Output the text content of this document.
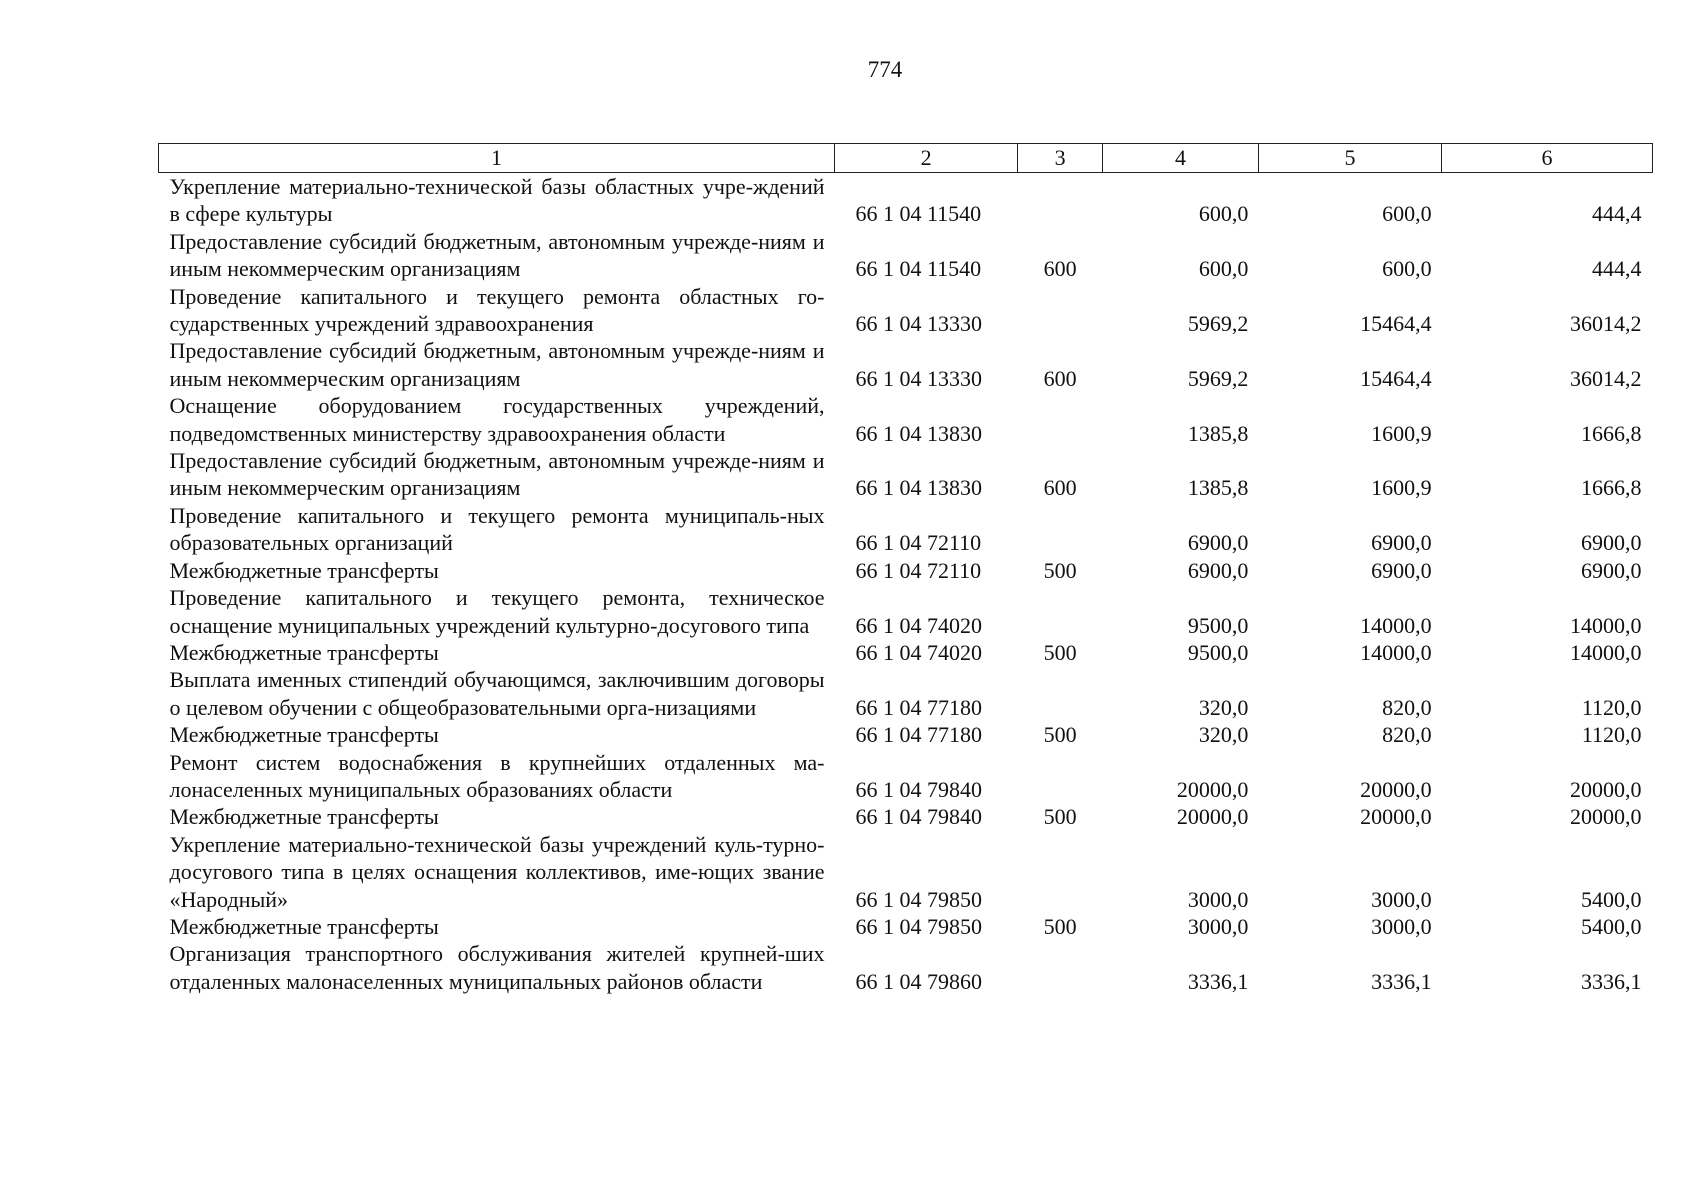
774
1	2	3	4	5	6
Укрепление материально-технической базы областных учре-ждений в сфере культуры	66 1 04 11540		600,0	600,0	444,4
Предоставление субсидий бюджетным, автономным учрежде-ниям и иным некоммерческим организациям	66 1 04 11540	600	600,0	600,0	444,4
Проведение капитального и текущего ремонта областных го-сударственных учреждений здравоохранения	66 1 04 13330		5969,2	15464,4	36014,2
Предоставление субсидий бюджетным, автономным учрежде-ниям и иным некоммерческим организациям	66 1 04 13330	600	5969,2	15464,4	36014,2
Оснащение оборудованием государственных учреждений, подведомственных министерству здравоохранения области	66 1 04 13830		1385,8	1600,9	1666,8
Предоставление субсидий бюджетным, автономным учрежде-ниям и иным некоммерческим организациям	66 1 04 13830	600	1385,8	1600,9	1666,8
Проведение капитального и текущего ремонта муниципаль-ных образовательных организаций	66 1 04 72110		6900,0	6900,0	6900,0
Межбюджетные трансферты	66 1 04 72110	500	6900,0	6900,0	6900,0
Проведение капитального и текущего ремонта, техническое оснащение муниципальных учреждений культурно-досугового типа	66 1 04 74020		9500,0	14000,0	14000,0
Межбюджетные трансферты	66 1 04 74020	500	9500,0	14000,0	14000,0
Выплата именных стипендий обучающимся, заключившим договоры о целевом обучении с общеобразовательными орга-низациями	66 1 04 77180		320,0	820,0	1120,0
Межбюджетные трансферты	66 1 04 77180	500	320,0	820,0	1120,0
Ремонт систем водоснабжения в крупнейших отдаленных ма-лонаселенных муниципальных образованиях области	66 1 04 79840		20000,0	20000,0	20000,0
Межбюджетные трансферты	66 1 04 79840	500	20000,0	20000,0	20000,0
Укрепление материально-технической базы учреждений куль-турно-досугового типа в целях оснащения коллективов, име-ющих звание «Народный»	66 1 04 79850		3000,0	3000,0	5400,0
Межбюджетные трансферты	66 1 04 79850	500	3000,0	3000,0	5400,0
Организация транспортного обслуживания жителей крупней-ших отдаленных малонаселенных муниципальных районов области	66 1 04 79860		3336,1	3336,1	3336,1
